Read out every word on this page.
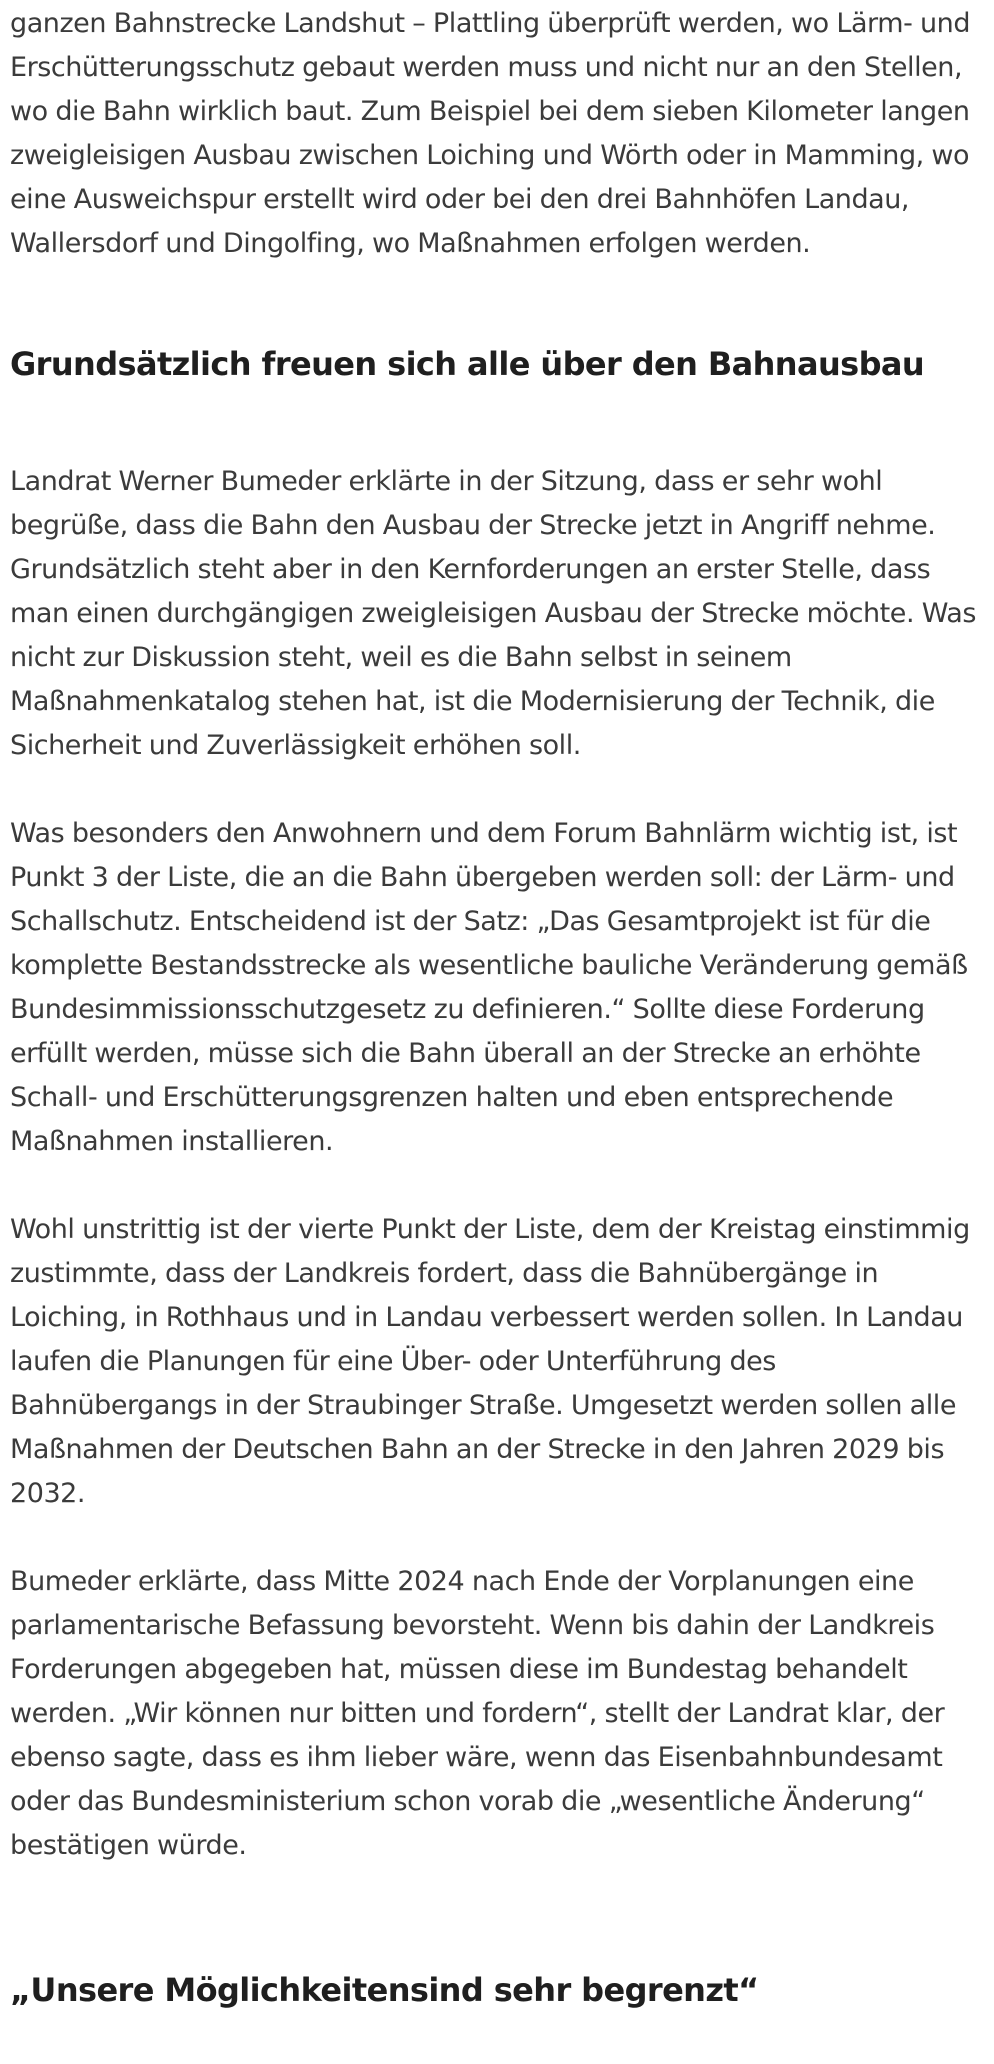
ganzen Bahnstrecke Landshut – Plattling überprüft werden, wo Lärm- und Erschütterungsschutz gebaut werden muss und nicht nur an den Stellen, wo die Bahn wirklich baut. Zum Beispiel bei dem sieben Kilometer langen zweigleisigen Ausbau zwischen Loiching und Wörth oder in Mamming, wo eine Ausweichspur erstellt wird oder bei den drei Bahnhöfen Landau, Wallersdorf und Dingolfing, wo Maßnahmen erfolgen werden.

Grundsätzlich freuen sich alle über den Bahnausbau

Landrat Werner Bumeder erklärte in der Sitzung, dass er sehr wohl begrüße, dass die Bahn den Ausbau der Strecke jetzt in Angriff nehme. Grundsätzlich steht aber in den Kernforderungen an erster Stelle, dass man einen durchgängigen zweigleisigen Ausbau der Strecke möchte. Was nicht zur Diskussion steht, weil es die Bahn selbst in seinem Maßnahmenkatalog stehen hat, ist die Modernisierung der Technik, die Sicherheit und Zuverlässigkeit erhöhen soll.

Was besonders den Anwohnern und dem Forum Bahnlärm wichtig ist, ist Punkt 3 der Liste, die an die Bahn übergeben werden soll: der Lärm- und Schallschutz. Entscheidend ist der Satz: „Das Gesamtprojekt ist für die komplette Bestandsstrecke als wesentliche bauliche Veränderung gemäß Bundesimmissionsschutzgesetz zu definieren.“ Sollte diese Forderung erfüllt werden, müsse sich die Bahn überall an der Strecke an erhöhte Schall- und Erschütterungsgrenzen halten und eben entsprechende Maßnahmen installieren.

Wohl unstrittig ist der vierte Punkt der Liste, dem der Kreistag einstimmig zustimmte, dass der Landkreis fordert, dass die Bahnübergänge in Loiching, in Rothhaus und in Landau verbessert werden sollen. In Landau laufen die Planungen für eine Über- oder Unterführung des Bahnübergangs in der Straubinger Straße. Umgesetzt werden sollen alle Maßnahmen der Deutschen Bahn an der Strecke in den Jahren 2029 bis 2032.

Bumeder erklärte, dass Mitte 2024 nach Ende der Vorplanungen eine parlamentarische Befassung bevorsteht. Wenn bis dahin der Landkreis Forderungen abgegeben hat, müssen diese im Bundestag behandelt werden. „Wir können nur bitten und fordern“, stellt der Landrat klar, der ebenso sagte, dass es ihm lieber wäre, wenn das Eisenbahnbundesamt oder das Bundesministerium schon vorab die „wesentliche Änderung“ bestätigen würde.

„Unsere Möglichkeitensind sehr begrenzt“
